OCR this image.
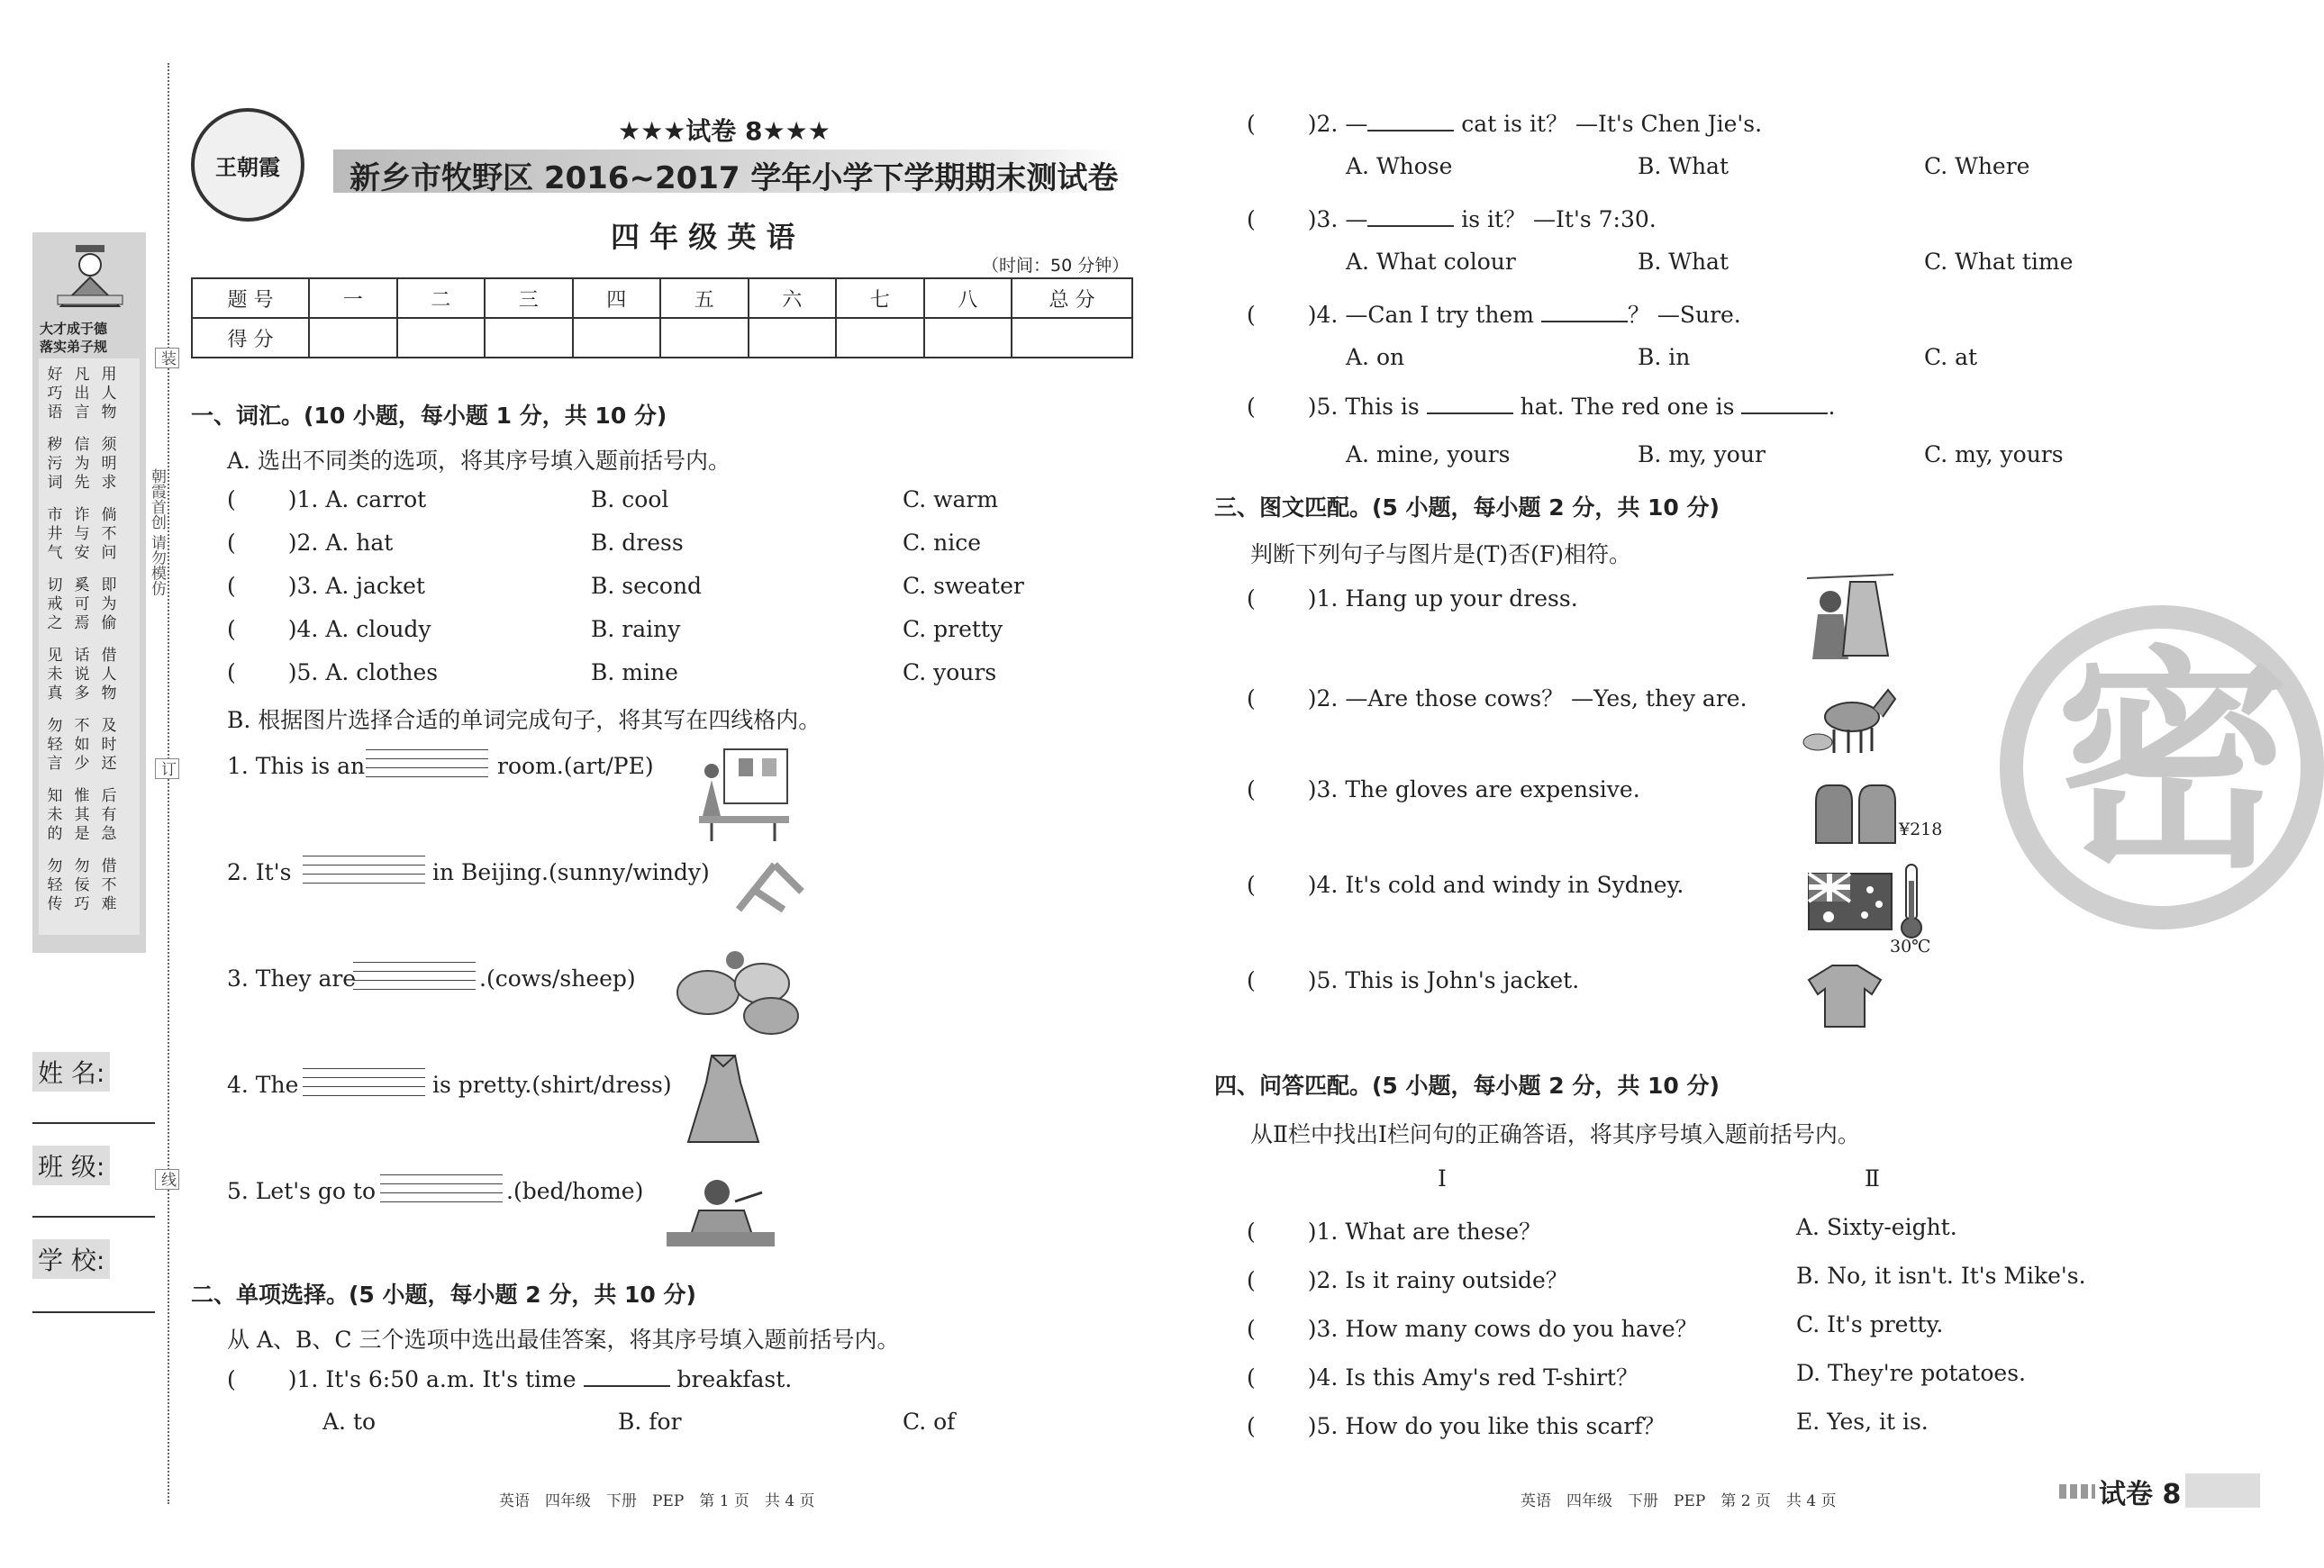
装
订
线
朝霞首创 请勿模仿
大才成于德
落实弟子规
好巧语
凡出言
用人物
秽污词
信为先
须明求
市井气
诈与安
倘不问
切戒之
奚可焉
即为偷
见未真
话说多
借人物
勿轻言
不如少
及时还
知未的
惟其是
后有急
勿轻传
勿佞巧
借不难
姓 名:
班 级:
学 校:
王朝霞
★★★试卷 8★★★
新乡市牧野区 2016~2017 学年小学下学期期末测试卷
四 年 级 英 语
（时间：50 分钟）
题 号	一	二	三	四	五	六	七	八	总 分
得 分									
一、词汇。(10 小题，每小题 1 分，共 10 分)
A. 选出不同类的选项，将其序号填入题前括号内。
( )1. A. carrot	B. cool	C. warm
( )2. A. hat	B. dress	C. nice
( )3. A. jacket	B. second	C. sweater
( )4. A. cloudy	B. rainy	C. pretty
( )5. A. clothes	B. mine	C. yours
B. 根据图片选择合适的单词完成句子，将其写在四线格内。
1. This is an	room.(art/PE)
2. It's	in Beijing.(sunny/windy)
3. They are	.(cows/sheep)
4. The	is pretty.(shirt/dress)
5. Let's go to	.(bed/home)
二、单项选择。(5 小题，每小题 2 分，共 10 分)
从 A、B、C 三个选项中选出最佳答案，将其序号填入题前括号内。
( )1. It's 6:50 a.m. It's time	breakfast.
A. to	B. for	C. of
( )2. —	cat is it？ —It's Chen Jie's.
A. Whose	B. What	C. Where
( )3. —	is it？ —It's 7:30.
A. What colour	B. What	C. What time
( )4. —Can I try them	？ —Sure.
A. on	B. in	C. at
( )5. This is	hat. The red one is	.
A. mine, yours	B. my, your	C. my, yours
三、图文匹配。(5 小题，每小题 2 分，共 10 分)
判断下列句子与图片是(T)否(F)相符。
( )1. Hang up your dress.
( )2. —Are those cows？ —Yes, they are.
( )3. The gloves are expensive.
¥218
( )4. It's cold and windy in Sydney.
30℃
( )5. This is John's jacket.
四、问答匹配。(5 小题，每小题 2 分，共 10 分)
从Ⅱ栏中找出Ⅰ栏问句的正确答语，将其序号填入题前括号内。
Ⅰ	Ⅱ
( )1. What are these？	A. Sixty-eight.
( )2. Is it rainy outside？	B. No, it isn't. It's Mike's.
( )3. How many cows do you have？	C. It's pretty.
( )4. Is this Amy's red T-shirt？	D. They're potatoes.
( )5. How do you like this scarf？	E. Yes, it is.
密
英语　四年级　下册　PEP　第 1 页　共 4 页	英语　四年级　下册　PEP　第 2 页　共 4 页	试卷 8
